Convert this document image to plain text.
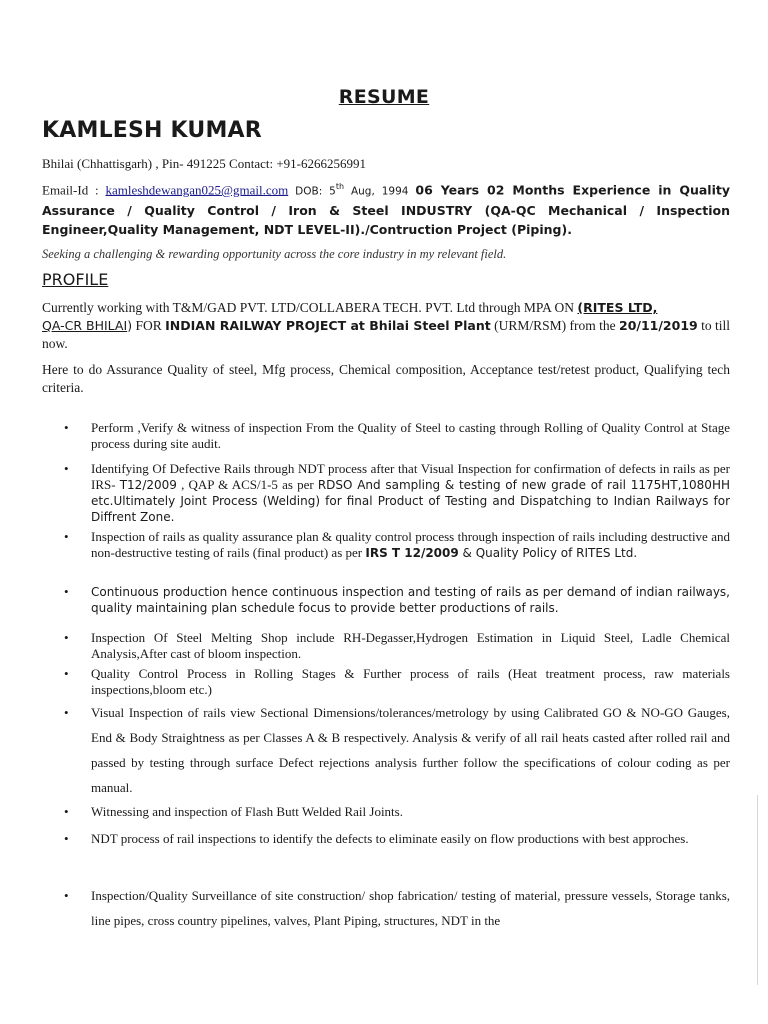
RESUME
KAMLESH KUMAR
Bhilai (Chhattisgarh) , Pin- 491225 Contact: +91-6266256991
Email-Id : kamleshdewangan025@gmail.com DOB: 5th Aug, 1994 06 Years 02 Months Experience in Quality Assurance / Quality Control / Iron & Steel INDUSTRY (QA-QC Mechanical / Inspection Engineer,Quality Management, NDT LEVEL-II)./Contruction Project (Piping).
Seeking a challenging & rewarding opportunity across the core industry in my relevant field.
PROFILE
Currently working with T&M/GAD PVT. LTD/COLLABERA TECH. PVT. Ltd through MPA ON (RITES LTD,
QA-CR BHILAI) FOR INDIAN RAILWAY PROJECT at Bhilai Steel Plant (URM/RSM) from the 20/11/2019 to till now.
Here to do Assurance Quality of steel, Mfg process, Chemical composition, Acceptance test/retest product, Qualifying tech criteria.
• Perform ,Verify & witness of inspection From the Quality of Steel to casting through Rolling of Quality Control at Stage process during site audit.
• Identifying Of Defective Rails through NDT process after that Visual Inspection for confirmation of defects in rails as per IRS- T12/2009 , QAP & ACS/1-5 as per RDSO And sampling & testing of new grade of rail 1175HT,1080HH etc.Ultimately Joint Process (Welding) for final Product of Testing and Dispatching to Indian Railways for Diffrent Zone.
• Inspection of rails as quality assurance plan & quality control process through inspection of rails including destructive and non-destructive testing of rails (final product) as per IRS T 12/2009 & Quality Policy of RITES Ltd.
• Continuous production hence continuous inspection and testing of rails as per demand of indian railways, quality maintaining plan schedule focus to provide better productions of rails.
• Inspection Of Steel Melting Shop include RH-Degasser,Hydrogen Estimation in Liquid Steel, Ladle Chemical Analysis,After cast of bloom inspection.
• Quality Control Process in Rolling Stages & Further process of rails (Heat treatment process, raw materials inspections,bloom etc.)
• Visual Inspection of rails view Sectional Dimensions/tolerances/metrology by using Calibrated GO & NO-GO Gauges, End & Body Straightness as per Classes A & B respectively. Analysis & verify of all rail heats casted after rolled rail and passed by testing through surface Defect rejections analysis further follow the specifications of colour coding as per manual.
• Witnessing and inspection of Flash Butt Welded Rail Joints.
• NDT process of rail inspections to identify the defects to eliminate easily on flow productions with best approches.
• Inspection/Quality Surveillance of site construction/ shop fabrication/ testing of material, pressure vessels, Storage tanks, line pipes, cross country pipelines, valves, Plant Piping, structures, NDT in the
